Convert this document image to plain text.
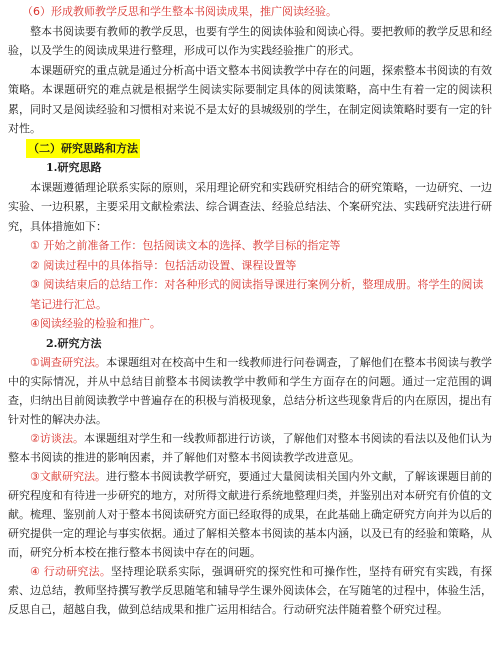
（6）形成教师教学反思和学生整本书阅读成果，推广阅读经验。

整本书阅读要有教师的教学反思，也要有学生的阅读体验和阅读心得。要把教师的教学反思和经验，以及学生的阅读成果进行整理，形成可以作为实践经验推广的形式。

本课题研究的重点就是通过分析高中语文整本书阅读教学中存在的问题，探索整本书阅读的有效策略。本课题研究的难点就是根据学生阅读实际要制定具体的阅读策略，高中生有着一定的阅读积累，同时又是阅读经验和习惯相对来说不是太好的县城级别的学生，在制定阅读策略时要有一定的针对性。

（二）研究思路和方法

1.研究思路

本课题遵循理论联系实际的原则，采用理论研究和实践研究相结合的研究策略，一边研究、一边实验、一边积累，主要采用文献检索法、综合调查法、经验总结法、个案研究法、实践研究法进行研究，具体措施如下：

① 开始之前准备工作：包括阅读文本的选择、教学目标的指定等

② 阅读过程中的具体指导：包括活动设置、课程设置等

③ 阅读结束后的总结工作：对各种形式的阅读指导课进行案例分析，整理成册。将学生的阅读笔记进行汇总。

④阅读经验的检验和推广。

2.研究方法

①调查研究法。本课题组对在校高中生和一线教师进行问卷调查，了解他们在整本书阅读与教学中的实际情况，并从中总结目前整本书阅读教学中教师和学生方面存在的问题。通过一定范围的调查，归纳出目前阅读教学中普遍存在的积极与消极现象，总结分析这些现象背后的内在原因，提出有针对性的解决办法。

②访谈法。本课题组对学生和一线教师都进行访谈，了解他们对整本书阅读的看法以及他们认为整本书阅读的推进的影响因素，并了解他们对整本书阅读教学改进意见。

③文献研究法。进行整本书阅读教学研究，要通过大量阅读相关国内外文献，了解该课题目前的研究程度和有待进一步研究的地方，对所得文献进行系统地整理归类，并鉴别出对本研究有价值的文献。梳理、鉴别前人对于整本书阅读研究方面已经取得的成果，在此基础上确定研究方向并为以后的研究提供一定的理论与事实依据。通过了解相关整本书阅读的基本内涵，以及已有的经验和策略，从而，研究分析本校在推行整本书阅读中存在的问题。

④ 行动研究法。坚持理论联系实际，强调研究的探究性和可操作性，坚持有研究有实践，有探索、边总结，教师坚持撰写教学反思随笔和辅导学生课外阅读体会，在写随笔的过程中，体验生活，反思自己，超越自我，做到总结成果和推广运用相结合。行动研究法伴随着整个研究过程。
